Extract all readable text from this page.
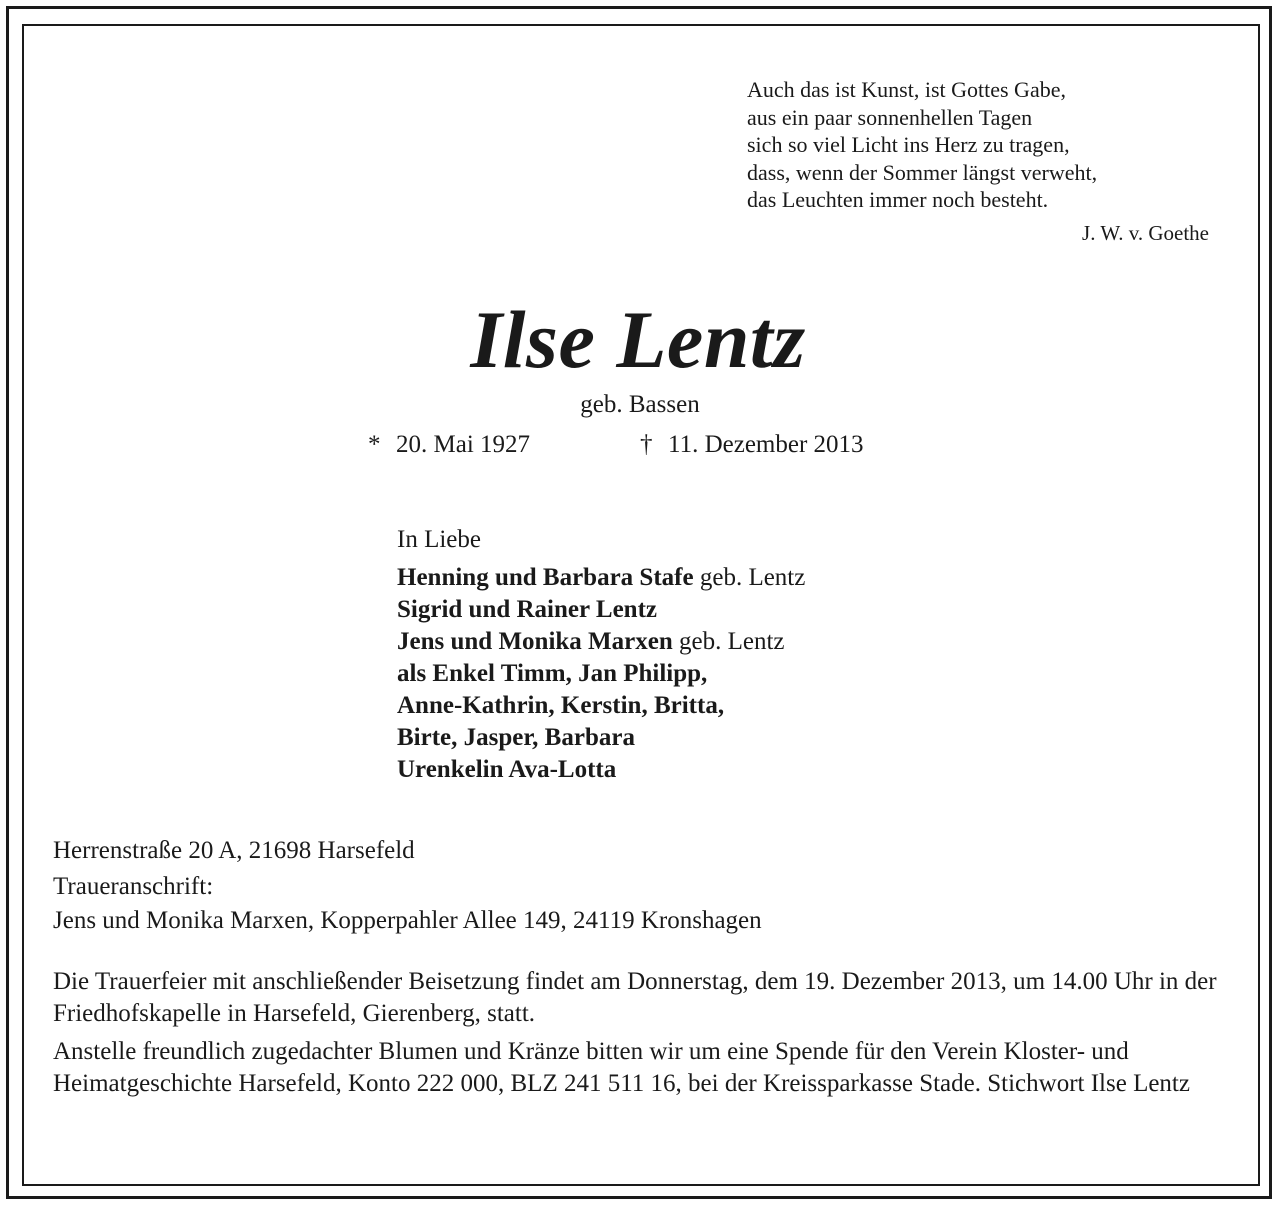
Auch das ist Kunst, ist Gottes Gabe,
aus ein paar sonnenhellen Tagen
sich so viel Licht ins Herz zu tragen,
dass, wenn der Sommer längst verweht,
das Leuchten immer noch besteht.
J. W. v. Goethe
Ilse Lentz
geb. Bassen
* 20. Mai 1927	† 11. Dezember 2013
In Liebe
Henning und Barbara Stafe geb. Lentz
Sigrid und Rainer Lentz
Jens und Monika Marxen geb. Lentz
als Enkel Timm, Jan Philipp,
Anne-Kathrin, Kerstin, Britta,
Birte, Jasper, Barbara
Urenkelin Ava-Lotta
Herrenstraße 20 A, 21698 Harsefeld
Traueranschrift:
Jens und Monika Marxen, Kopperpahler Allee 149, 24119 Kronshagen

Die Trauerfeier mit anschließender Beisetzung findet am Donnerstag, dem 19. Dezember 2013, um 14.00 Uhr in der Friedhofskapelle in Harsefeld, Gierenberg, statt.

Anstelle freundlich zugedachter Blumen und Kränze bitten wir um eine Spende für den Verein Kloster- und Heimatgeschichte Harsefeld, Konto 222 000, BLZ 241 511 16, bei der Kreissparkasse Stade. Stichwort Ilse Lentz
